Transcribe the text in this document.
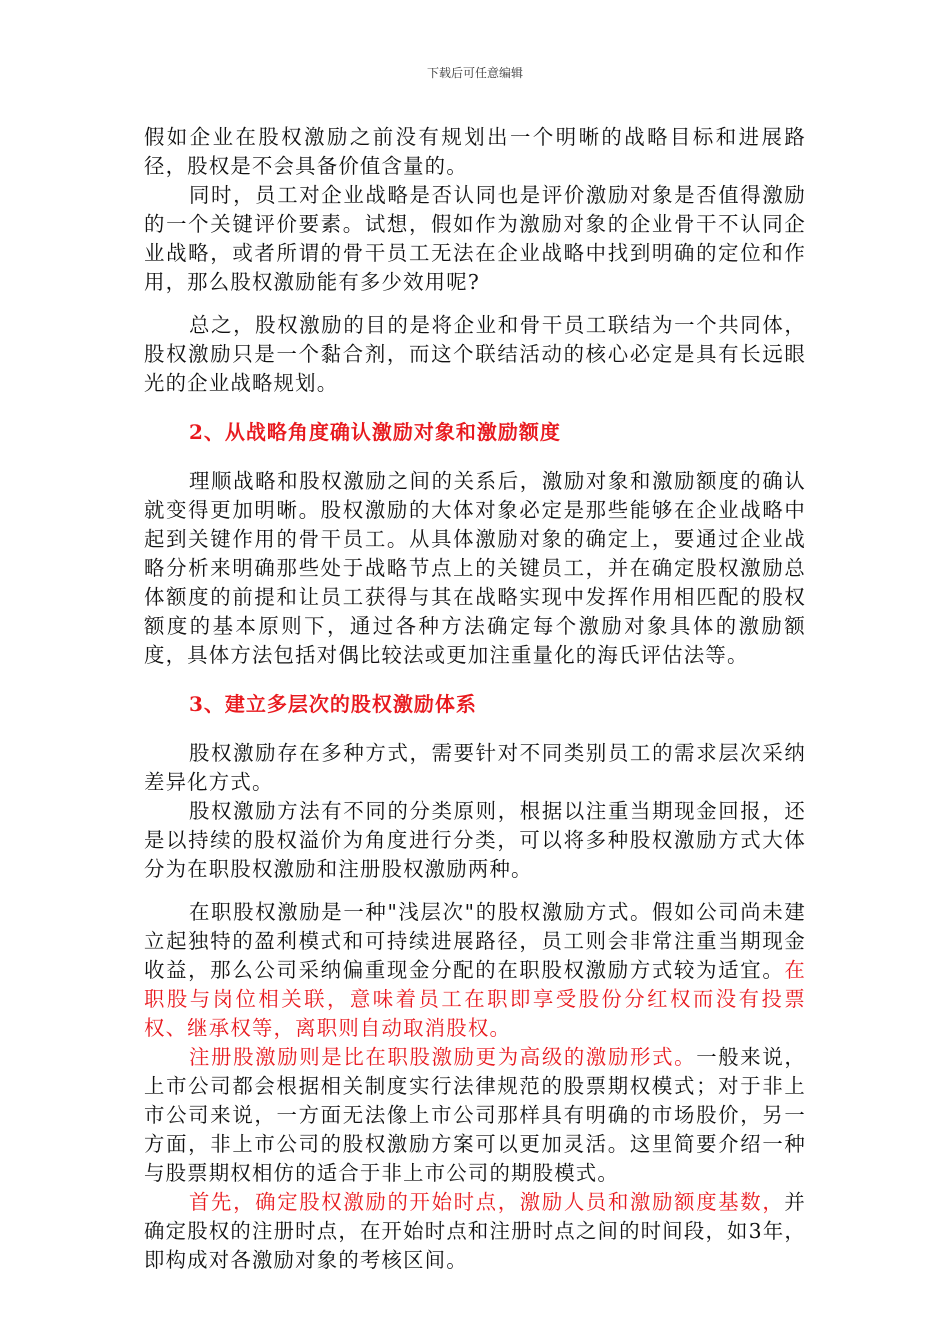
下载后可任意编辑

假如企业在股权激励之前没有规划出一个明晰的战略目标和进展路径，股权是不会具备价值含量的。

同时，员工对企业战略是否认同也是评价激励对象是否值得激励的一个关键评价要素。试想，假如作为激励对象的企业骨干不认同企业战略，或者所谓的骨干员工无法在企业战略中找到明确的定位和作用，那么股权激励能有多少效用呢?

总之，股权激励的目的是将企业和骨干员工联结为一个共同体，股权激励只是一个黏合剂，而这个联结活动的核心必定是具有长远眼光的企业战略规划。

2、从战略角度确认激励对象和激励额度

理顺战略和股权激励之间的关系后，激励对象和激励额度的确认就变得更加明晰。股权激励的大体对象必定是那些能够在企业战略中起到关键作用的骨干员工。从具体激励对象的确定上，要通过企业战略分析来明确那些处于战略节点上的关键员工，并在确定股权激励总体额度的前提和让员工获得与其在战略实现中发挥作用相匹配的股权额度的基本原则下，通过各种方法确定每个激励对象具体的激励额度，具体方法包括对偶比较法或更加注重量化的海氏评估法等。

3、建立多层次的股权激励体系

股权激励存在多种方式，需要针对不同类别员工的需求层次采纳差异化方式。

股权激励方法有不同的分类原则，根据以注重当期现金回报，还是以持续的股权溢价为角度进行分类，可以将多种股权激励方式大体分为在职股权激励和注册股权激励两种。

在职股权激励是一种"浅层次"的股权激励方式。假如公司尚未建立起独特的盈利模式和可持续进展路径，员工则会非常注重当期现金收益，那么公司采纳偏重现金分配的在职股权激励方式较为适宜。在职股与岗位相关联，意味着员工在职即享受股份分红权而没有投票权、继承权等，离职则自动取消股权。

注册股激励则是比在职股激励更为高级的激励形式。一般来说，上市公司都会根据相关制度实行法律规范的股票期权模式；对于非上市公司来说，一方面无法像上市公司那样具有明确的市场股价，另一方面，非上市公司的股权激励方案可以更加灵活。这里简要介绍一种与股票期权相仿的适合于非上市公司的期股模式。

首先，确定股权激励的开始时点，激励人员和激励额度基数，并确定股权的注册时点，在开始时点和注册时点之间的时间段，如3年，即构成对各激励对象的考核区间。
